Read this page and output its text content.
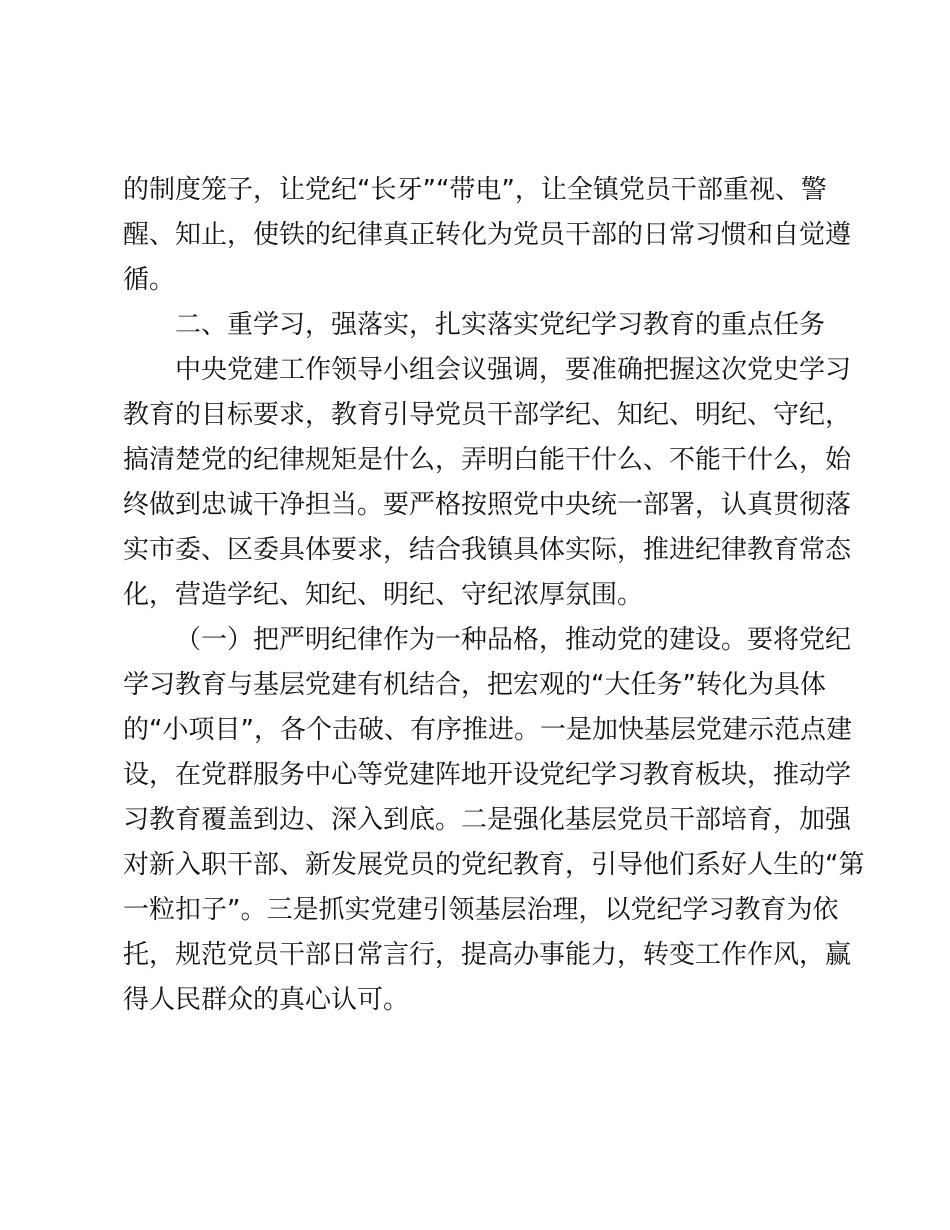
的制度笼子，让党纪“长牙”“带电”，让全镇党员干部重视、警
醒、知止，使铁的纪律真正转化为党员干部的日常习惯和自觉遵
循。
二、重学习，强落实，扎实落实党纪学习教育的重点任务
中央党建工作领导小组会议强调，要准确把握这次党史学习
教育的目标要求，教育引导党员干部学纪、知纪、明纪、守纪，
搞清楚党的纪律规矩是什么，弄明白能干什么、不能干什么，始
终做到忠诚干净担当。要严格按照党中央统一部署，认真贯彻落
实市委、区委具体要求，结合我镇具体实际，推进纪律教育常态
化，营造学纪、知纪、明纪、守纪浓厚氛围。
（一）把严明纪律作为一种品格，推动党的建设。要将党纪
学习教育与基层党建有机结合，把宏观的“大任务”转化为具体
的“小项目”，各个击破、有序推进。一是加快基层党建示范点建
设，在党群服务中心等党建阵地开设党纪学习教育板块，推动学
习教育覆盖到边、深入到底。二是强化基层党员干部培育，加强
对新入职干部、新发展党员的党纪教育，引导他们系好人生的“第
一粒扣子”。三是抓实党建引领基层治理，以党纪学习教育为依
托，规范党员干部日常言行，提高办事能力，转变工作作风，赢
得人民群众的真心认可。
